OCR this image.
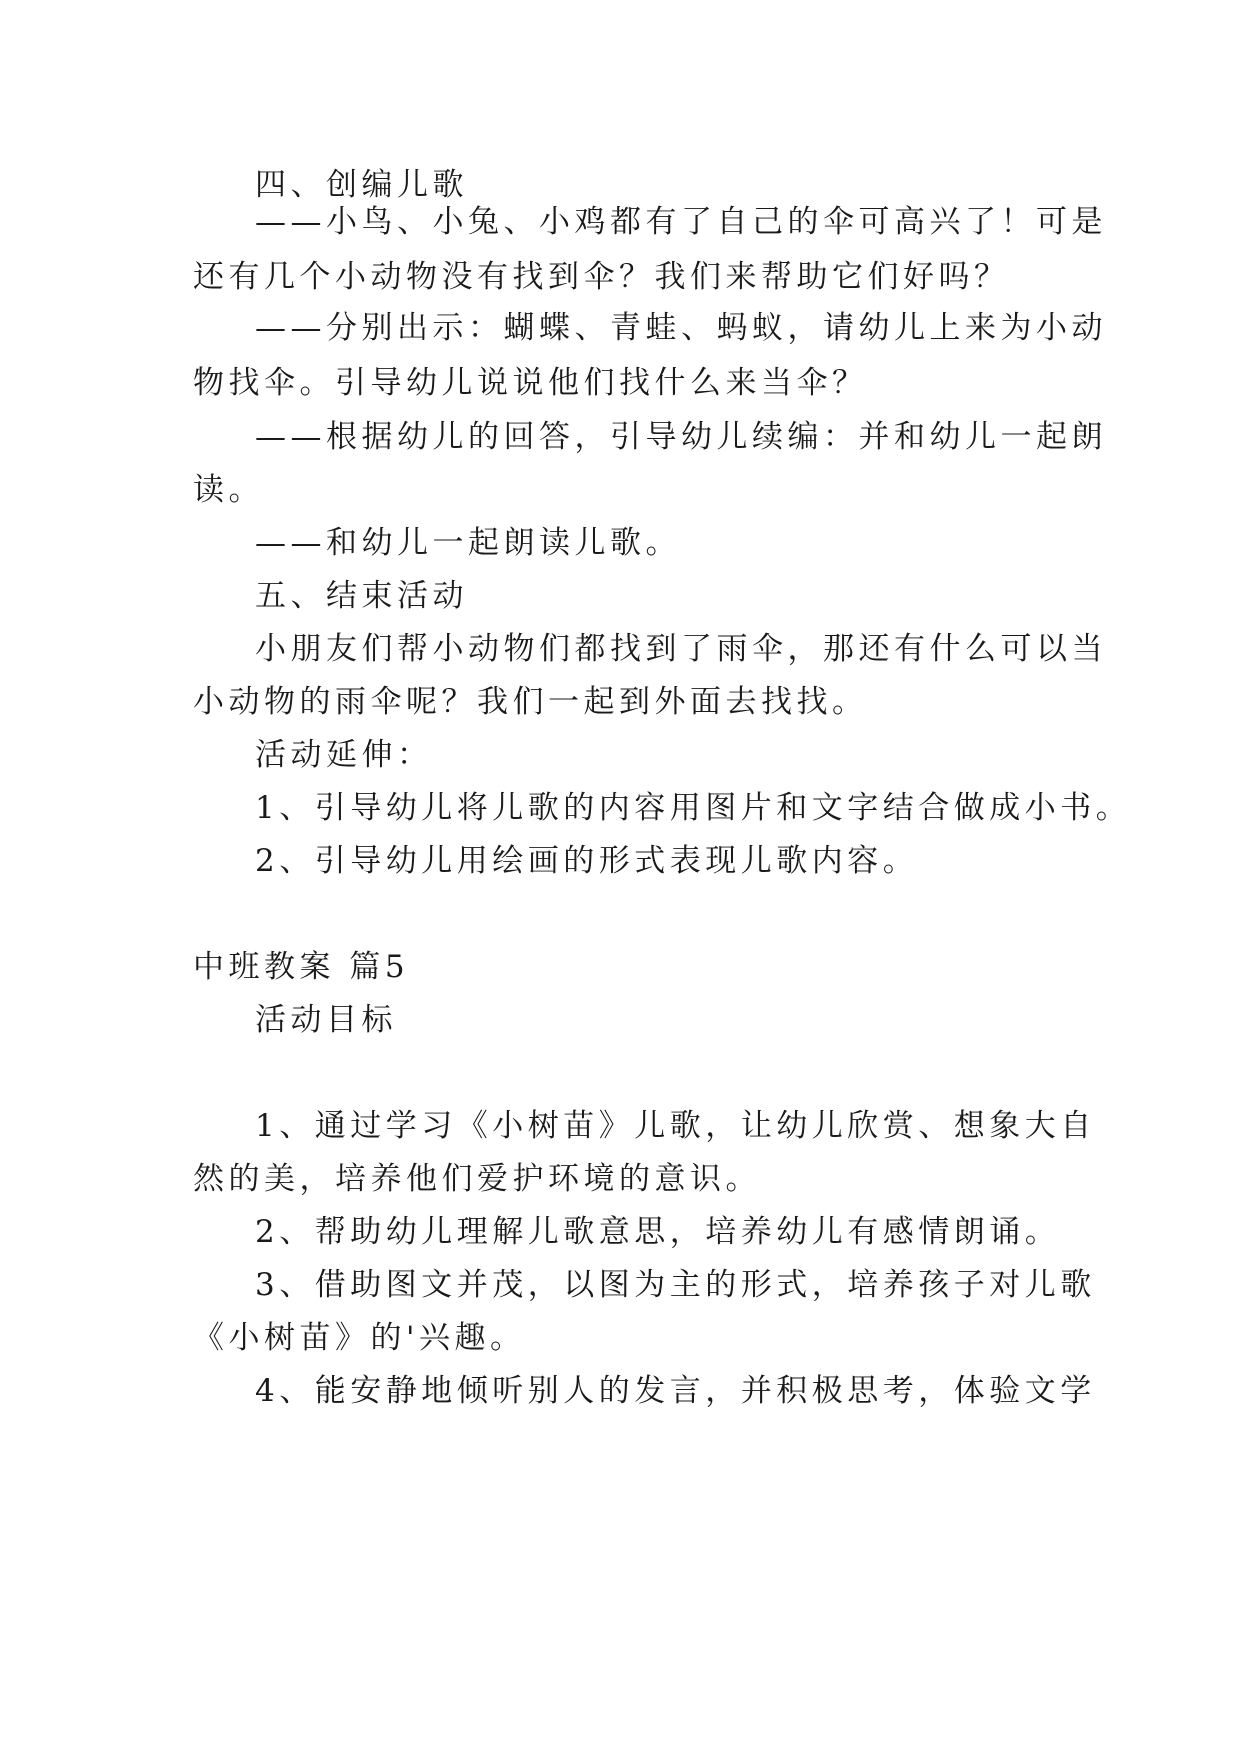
四、创编儿歌
——小鸟、小兔、小鸡都有了自己的伞可高兴了！可是
还有几个小动物没有找到伞？我们来帮助它们好吗？
——分别出示：蝴蝶、青蛙、蚂蚁，请幼儿上来为小动
物找伞。引导幼儿说说他们找什么来当伞？
——根据幼儿的回答，引导幼儿续编：并和幼儿一起朗
读。
——和幼儿一起朗读儿歌。
五、结束活动
小朋友们帮小动物们都找到了雨伞，那还有什么可以当
小动物的雨伞呢？我们一起到外面去找找。
活动延伸：
1、引导幼儿将儿歌的内容用图片和文字结合做成小书。
2、引导幼儿用绘画的形式表现儿歌内容。
中班教案 篇5
活动目标
1、通过学习《小树苗》儿歌，让幼儿欣赏、想象大自
然的美，培养他们爱护环境的意识。
2、帮助幼儿理解儿歌意思，培养幼儿有感情朗诵。
3、借助图文并茂，以图为主的形式，培养孩子对儿歌
《小树苗》的'兴趣。
4、能安静地倾听别人的发言，并积极思考，体验文学
